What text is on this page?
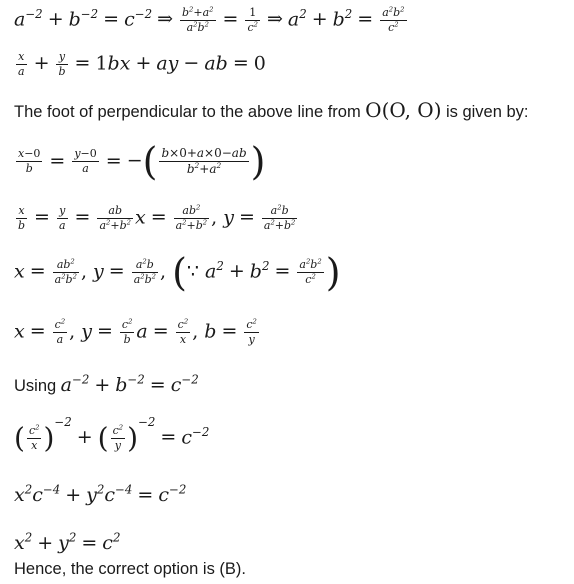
$a^{-2} + b^{-2} = c^{-2}$ ⇒ $\frac{b^2+a^2}{a^2b^2} = \frac{1}{c^2}$ ⇒ $a^2 + b^2 = \frac{a^2b^2}{c^2}$
$\frac{x}{a} + \frac{y}{b} = 1bx$ + ay − ab = 0
The foot of perpendicular to the above line from O(O, O) is given by:
$\frac{x-0}{b} = \frac{y-0}{a}$ = −( $\frac{b\times 0+a\times 0-ab}{b^2+a^2}$ )
$\frac{x}{b} = \frac{y}{a} = \frac{ab}{a^2+b^2}$ $x = \frac{ab^2}{a^2+b^2}$ , $y = \frac{a^2b}{a^2+b^2}$
$x = \frac{ab^2}{a^2b^2}$ , $y = \frac{a^2b}{a^2b^2}$ , (∵ $a^2 + b^2 = \frac{a^2b^2}{c^2}$ )
$x = \frac{c^2}{a}$ , $y = \frac{c^2}{b}$ $a = \frac{c^2}{x}$ , $b = \frac{c^2}{y}$
Using $a^{-2} + b^{-2} = c^{-2}$
( $\frac{c^2}{x} )^{-2}+$ ( $\frac{c^2}{y} )^{-2}= c^{-2}$
$x^2c^{-4} + y^2c^{-4} = c^{-2}$
$x^2 + y^2 = c^2$
Hence, the correct option is (B).
